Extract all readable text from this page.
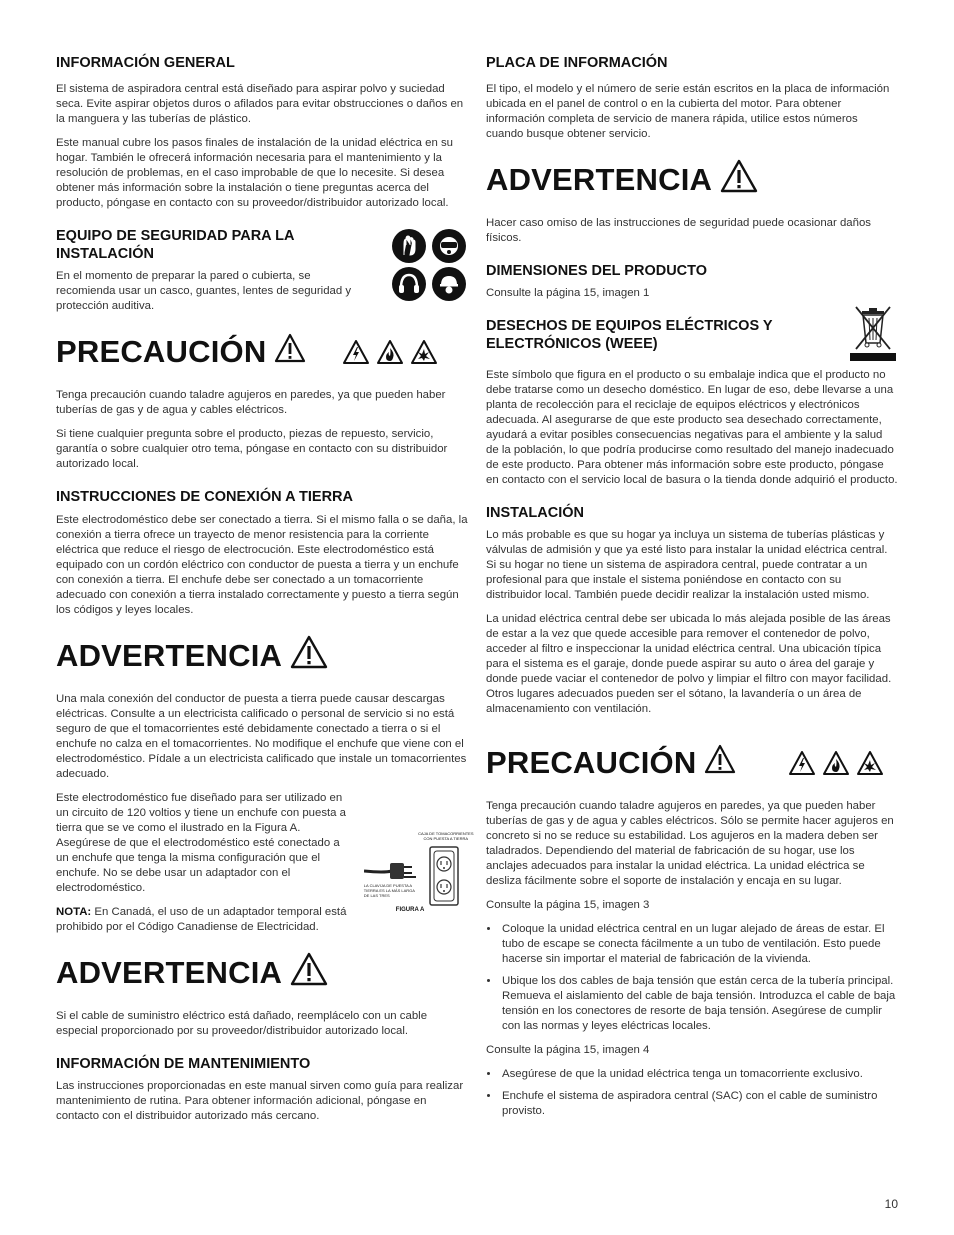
INFORMACIÓN GENERAL

El sistema de aspiradora central está diseñado para aspirar polvo y suciedad seca. Evite aspirar objetos duros o afilados para evitar obstrucciones o daños en la manguera y las tuberías de plástico.

Este manual cubre los pasos finales de instalación de la unidad eléctrica en su hogar. También le ofrecerá información necesaria para el mantenimiento y la resolución de problemas, en el caso improbable de que lo necesite. Si desea obtener más información sobre la instalación o tiene preguntas acerca del producto, póngase en contacto con su proveedor/distribuidor autorizado local.

EQUIPO DE SEGURIDAD PARA LA INSTALACIÓN

En el momento de preparar la pared o cubierta, se recomienda usar un casco, guantes, lentes de seguridad y protección auditiva.

PRECAUCIÓN

Tenga precaución cuando taladre agujeros en paredes, ya que pueden haber tuberías de gas y de agua y cables eléctricos.

Si tiene cualquier pregunta sobre el producto, piezas de repuesto, servicio, garantía o sobre cualquier otro tema, póngase en contacto con su distribuidor autorizado local.

INSTRUCCIONES DE CONEXIÓN A TIERRA

Este electrodoméstico debe ser conectado a tierra. Si el mismo falla o se daña, la conexión a tierra ofrece un trayecto de menor resistencia para la corriente eléctrica que reduce el riesgo de electrocución. Este electrodoméstico está equipado con un cordón eléctrico con conductor de puesta a tierra y un enchufe con conexión a tierra. El enchufe debe ser conectado a un tomacorriente adecuado con conexión a tierra instalado correctamente y puesto a tierra según los códigos y leyes locales.

ADVERTENCIA

Una mala conexión del conductor de puesta a tierra puede causar descargas eléctricas. Consulte a un electricista calificado o personal de servicio si no está seguro de que el tomacorrientes esté debidamente conectado a tierra o si el enchufe no calza en el tomacorrientes. No modifique el enchufe que viene con el electrodoméstico. Pídale a un electricista calificado que instale un tomacorrientes adecuado.

Este electrodoméstico fue diseñado para ser utilizado en un circuito de 120 voltios y tiene un enchufe con puesta a tierra que se ve como el ilustrado en la Figura A. Asegúrese de que el electrodoméstico esté conectado a un enchufe que tenga la misma configuración que el enchufe. No se debe usar un adaptador con el electrodoméstico.

NOTA: En Canadá, el uso de un adaptador temporal está prohibido por el Código Canadiense de Electricidad.

CAJA DE TOMACORRIENTES CON PUESTA A TIERRA
LA CLAVIJA DE PUESTA A TIERRA ES LA MÁS LARGA DE LAS TRES
FIGURA A
ADVERTENCIA

Si el cable de suministro eléctrico está dañado, reemplácelo con un cable especial proporcionado por su proveedor/distribuidor autorizado local.

INFORMACIÓN DE MANTENIMIENTO

Las instrucciones proporcionadas en este manual sirven como guía para realizar mantenimiento de rutina. Para obtener información adicional, póngase en contacto con el distribuidor autorizado más cercano.

PLACA DE INFORMACIÓN

El tipo, el modelo y el número de serie están escritos en la placa de información ubicada en el panel de control o en la cubierta del motor. Para obtener información completa de servicio de manera rápida, utilice estos números cuando busque obtener servicio.

ADVERTENCIA

Hacer caso omiso de las instrucciones de seguridad puede ocasionar daños físicos.

DIMENSIONES DEL PRODUCTO

Consulte la página 15, imagen 1

DESECHOS DE EQUIPOS ELÉCTRICOS Y ELECTRÓNICOS (WEEE)

Este símbolo que figura en el producto o su embalaje indica que el producto no debe tratarse como un desecho doméstico. En lugar de eso, debe llevarse a una planta de recolección para el reciclaje de equipos eléctricos y electrónicos adecuada. Al asegurarse de que este producto sea desechado correctamente, ayudará a evitar posibles consecuencias negativas para el ambiente y la salud de la población, lo que podría producirse como resultado del manejo inadecuado de este producto. Para obtener más información sobre este producto, póngase en contacto con el servicio local de basura o la tienda donde adquirió el producto.

INSTALACIÓN

Lo más probable es que su hogar ya incluya un sistema de tuberías plásticas y válvulas de admisión y que ya esté listo para instalar la unidad eléctrica central. Si su hogar no tiene un sistema de aspiradora central, puede contratar a un profesional para que instale el sistema poniéndose en contacto con su distribuidor local. También puede decidir realizar la instalación usted mismo.

La unidad eléctrica central debe ser ubicada lo más alejada posible de las áreas de estar a la vez que quede accesible para remover el contenedor de polvo, acceder al filtro e inspeccionar la unidad eléctrica central. Una ubicación típica para el sistema es el garaje, donde puede aspirar su auto o área del garaje y donde puede vaciar el contenedor de polvo y limpiar el filtro con mayor facilidad. Otros lugares adecuados pueden ser el sótano, la lavandería o un área de almacenamiento con ventilación.

PRECAUCIÓN

Tenga precaución cuando taladre agujeros en paredes, ya que pueden haber tuberías de gas y de agua y cables eléctricos. Sólo se permite hacer agujeros en concreto si no se reduce su estabilidad. Los agujeros en la madera deben ser taladrados. Dependiendo del material de fabricación de su hogar, use los anclajes adecuados para instalar la unidad eléctrica. La unidad eléctrica se desliza fácilmente sobre el soporte de instalación y encaja en su lugar.

Consulte la página 15, imagen 3

• Coloque la unidad eléctrica central en un lugar alejado de áreas de estar. El tubo de escape se conecta fácilmente a un tubo de ventilación. Esto puede hacerse sin importar el material de fabricación de la vivienda.
• Ubique los dos cables de baja tensión que están cerca de la tubería principal. Remueva el aislamiento del cable de baja tensión. Introduzca el cable de baja tensión en los conectores de resorte de baja tensión. Asegúrese de cumplir con las normas y leyes eléctricas locales.

Consulte la página 15, imagen 4

• Asegúrese de que la unidad eléctrica tenga un tomacorriente exclusivo.
• Enchufe el sistema de aspiradora central (SAC) con el cable de suministro provisto.
10
